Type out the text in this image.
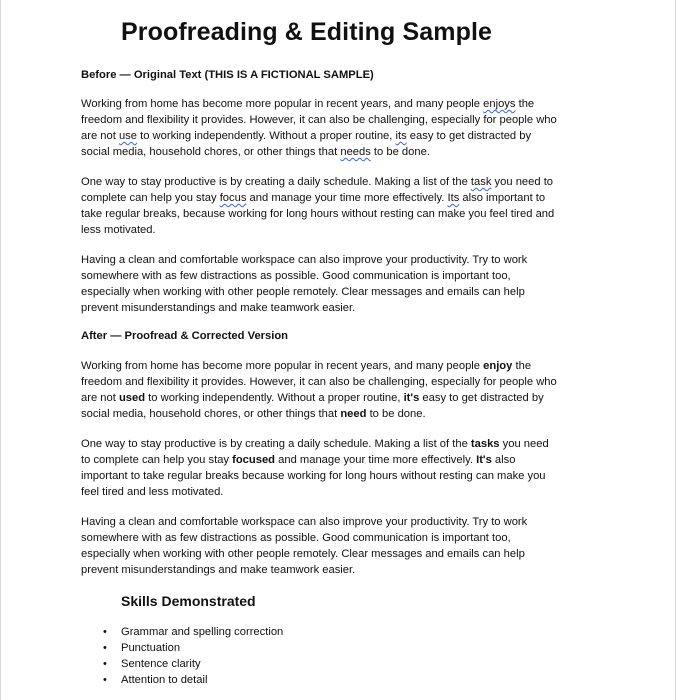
Proofreading & Editing Sample
Before — Original Text (THIS IS A FICTIONAL SAMPLE)

Working from home has become more popular in recent years, and many people enjoys the
freedom and flexibility it provides. However, it can also be challenging, especially for people who
are not use to working independently. Without a proper routine, its easy to get distracted by
social media, household chores, or other things that needs to be done.

One way to stay productive is by creating a daily schedule. Making a list of the task you need to
complete can help you stay focus and manage your time more effectively. Its also important to
take regular breaks, because working for long hours without resting can make you feel tired and
less motivated.

Having a clean and comfortable workspace can also improve your productivity. Try to work
somewhere with as few distractions as possible. Good communication is important too,
especially when working with other people remotely. Clear messages and emails can help
prevent misunderstandings and make teamwork easier.

After — Proofread & Corrected Version

Working from home has become more popular in recent years, and many people enjoy the
freedom and flexibility it provides. However, it can also be challenging, especially for people who
are not used to working independently. Without a proper routine, it's easy to get distracted by
social media, household chores, or other things that need to be done.

One way to stay productive is by creating a daily schedule. Making a list of the tasks you need
to complete can help you stay focused and manage your time more effectively. It's also
important to take regular breaks because working for long hours without resting can make you
feel tired and less motivated.

Having a clean and comfortable workspace can also improve your productivity. Try to work
somewhere with as few distractions as possible. Good communication is important too,
especially when working with other people remotely. Clear messages and emails can help
prevent misunderstandings and make teamwork easier.

Skills Demonstrated
• Grammar and spelling correction
• Punctuation
• Sentence clarity
• Attention to detail
